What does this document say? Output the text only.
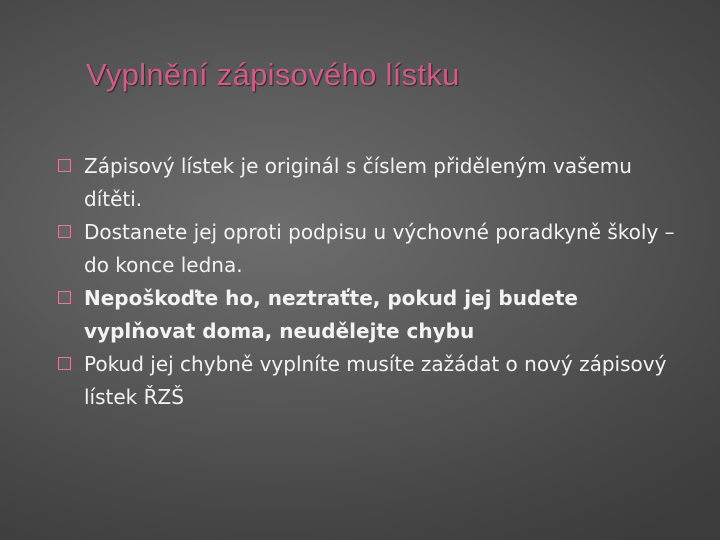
Vyplnění zápisového lístku
Zápisový lístek je originál s číslem přiděleným vašemu dítěti.
Dostanete jej oproti podpisu u výchovné poradkyně školy – do konce ledna.
Nepoškoďte ho, neztraťte, pokud jej budete vyplňovat doma, neudělejte chybu
Pokud jej chybně vyplníte musíte zažádat o nový zápisový lístek ŘZŠ
